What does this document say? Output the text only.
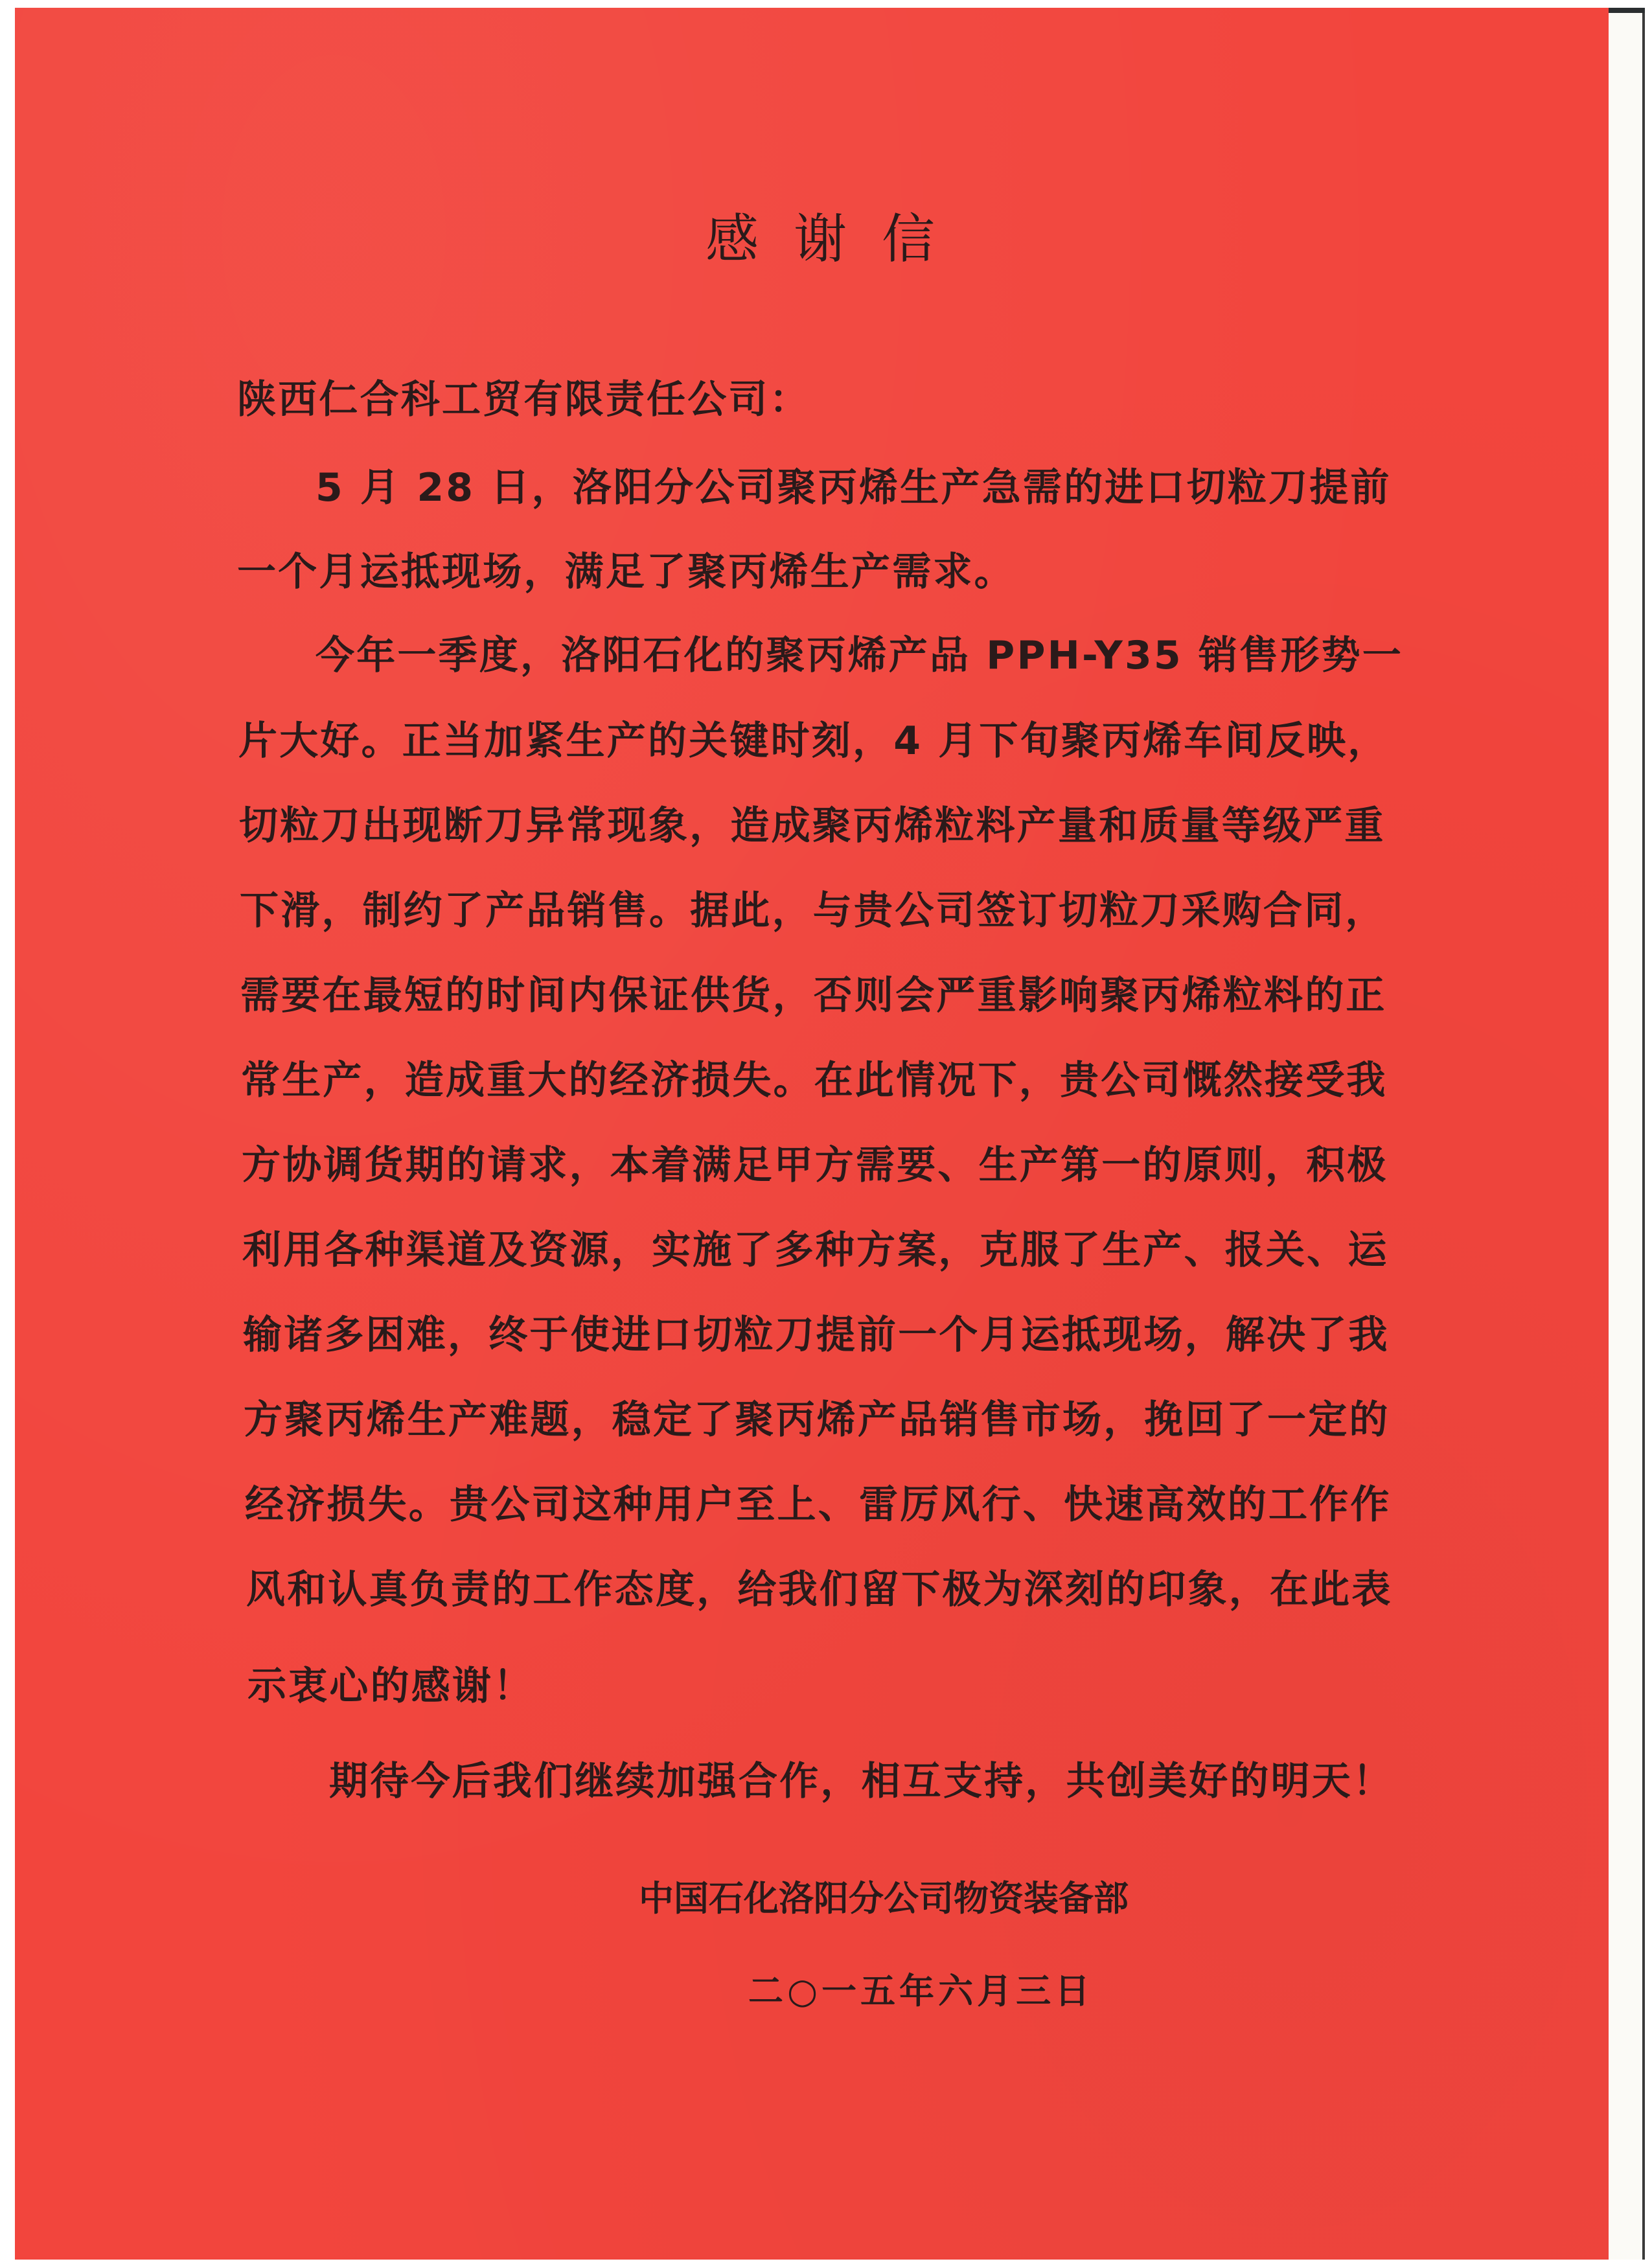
感谢信
陕西仁合科工贸有限责任公司：
5 月 28 日，洛阳分公司聚丙烯生产急需的进口切粒刀提前
一个月运抵现场，满足了聚丙烯生产需求。
今年一季度，洛阳石化的聚丙烯产品 PPH-Y35 销售形势一
片大好。正当加紧生产的关键时刻，4 月下旬聚丙烯车间反映，
切粒刀出现断刀异常现象，造成聚丙烯粒料产量和质量等级严重
下滑，制约了产品销售。据此，与贵公司签订切粒刀采购合同，
需要在最短的时间内保证供货，否则会严重影响聚丙烯粒料的正
常生产，造成重大的经济损失。在此情况下，贵公司慨然接受我
方协调货期的请求，本着满足甲方需要、生产第一的原则，积极
利用各种渠道及资源，实施了多种方案，克服了生产、报关、运
输诸多困难，终于使进口切粒刀提前一个月运抵现场，解决了我
方聚丙烯生产难题，稳定了聚丙烯产品销售市场，挽回了一定的
经济损失。贵公司这种用户至上、雷厉风行、快速高效的工作作
风和认真负责的工作态度，给我们留下极为深刻的印象，在此表
示衷心的感谢！
期待今后我们继续加强合作，相互支持，共创美好的明天！
中国石化洛阳分公司物资装备部
二○一五年六月三日
